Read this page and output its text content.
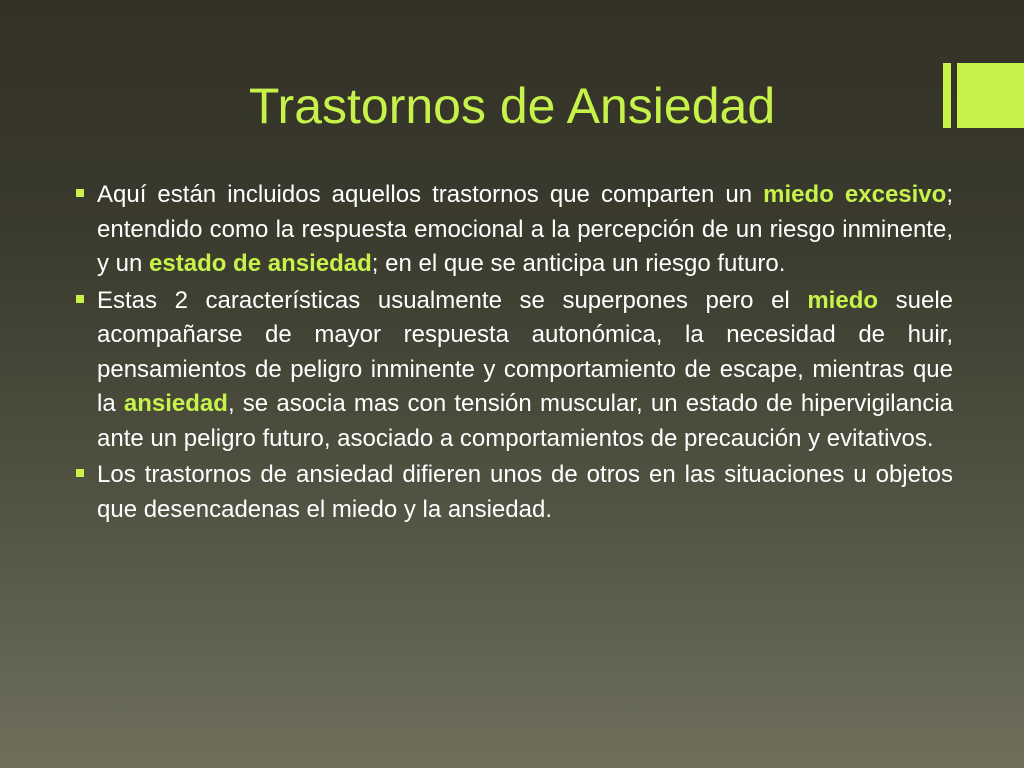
Trastornos de Ansiedad
Aquí están incluidos aquellos trastornos que comparten un miedo excesivo; entendido como la respuesta emocional a la percepción de un riesgo inminente, y un estado de ansiedad; en el que se anticipa un riesgo futuro.
Estas 2 características usualmente se superpones pero el miedo suele acompañarse de mayor respuesta autonómica, la necesidad de huir, pensamientos de peligro inminente y comportamiento de escape, mientras que la ansiedad, se asocia mas con tensión muscular, un estado de hipervigilancia ante un peligro futuro, asociado a comportamientos de precaución y evitativos.
Los trastornos de ansiedad difieren unos de otros en las situaciones u objetos que desencadenas el miedo y la ansiedad.
